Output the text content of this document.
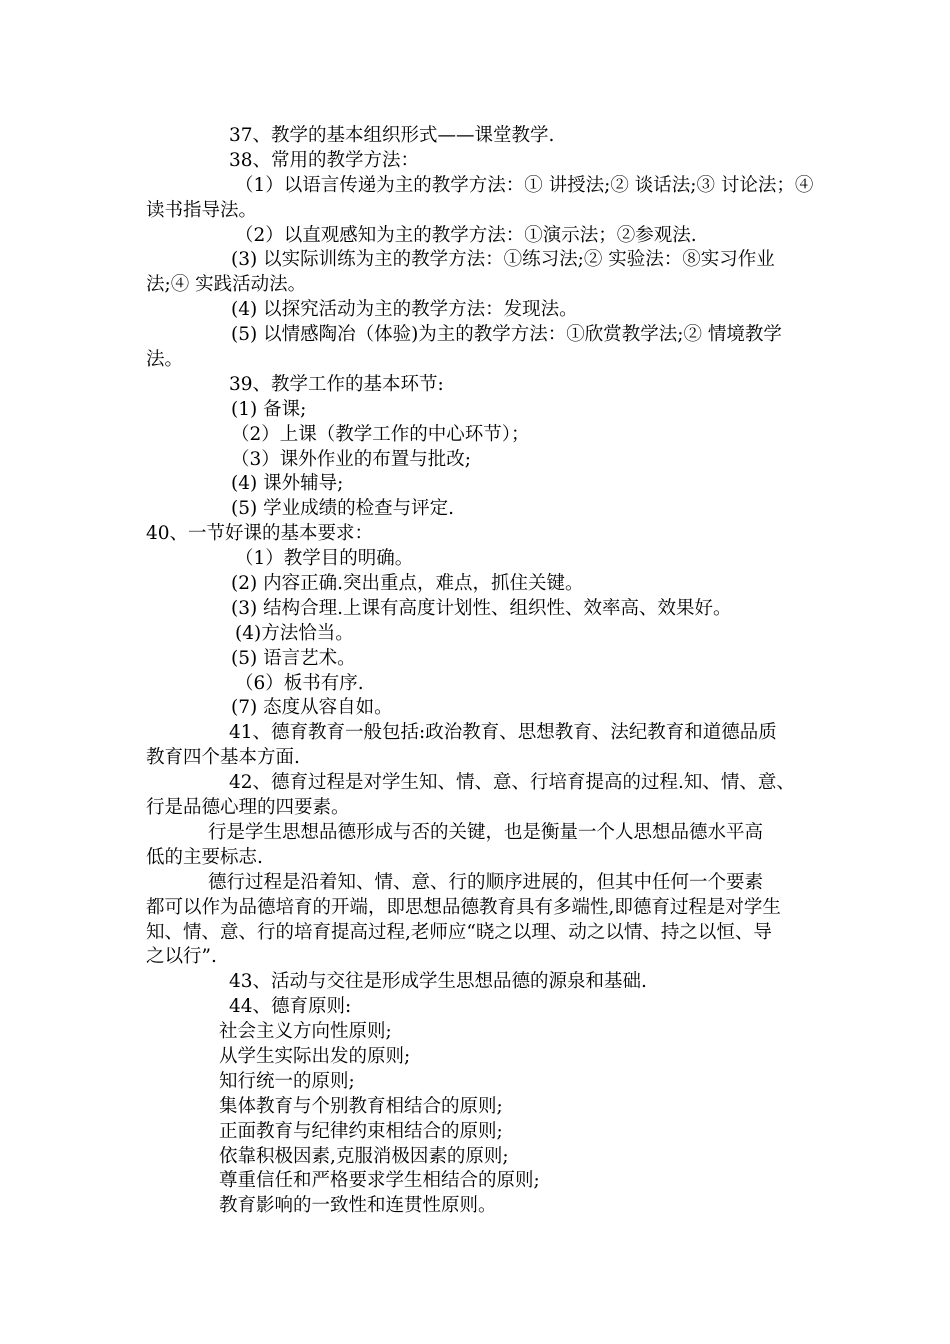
37、教学的基本组织形式——课堂教学.
38、常用的教学方法：
（1）以语言传递为主的教学方法：① 讲授法;② 谈话法;③ 讨论法；④
读书指导法。
（2）以直观感知为主的教学方法：①演示法；②参观法.
(3) 以实际训练为主的教学方法：①练习法;② 实验法：⑧实习作业
法;④ 实践活动法。
(4) 以探究活动为主的教学方法：发现法。
(5) 以情感陶冶（体验)为主的教学方法：①欣赏教学法;② 情境教学
法。
39、教学工作的基本环节:
(1) 备课;
（2）上课（教学工作的中心环节）；
（3）课外作业的布置与批改;
(4) 课外辅导;
(5) 学业成绩的检查与评定.
40、一节好课的基本要求：
（1）教学目的明确。
(2) 内容正确.突出重点，难点，抓住关键。
(3) 结构合理.上课有高度计划性、组织性、效率高、效果好。
(4)方法恰当。
(5) 语言艺术。
（6）板书有序.
(7) 态度从容自如。
41、德育教育一般包括:政治教育、思想教育、法纪教育和道德品质
教育四个基本方面.
42、德育过程是对学生知、情、意、行培育提高的过程.知、情、意、
行是品德心理的四要素。
行是学生思想品德形成与否的关键，也是衡量一个人思想品德水平高
低的主要标志.
德行过程是沿着知、情、意、行的顺序进展的，但其中任何一个要素
都可以作为品德培育的开端，即思想品德教育具有多端性,即德育过程是对学生
知、情、意、行的培育提高过程,老师应“晓之以理、动之以情、持之以恒、导
之以行”.
43、活动与交往是形成学生思想品德的源泉和基础.
44、德育原则:
社会主义方向性原则;
从学生实际出发的原则;
知行统一的原则;
集体教育与个别教育相结合的原则;
正面教育与纪律约束相结合的原则;
依靠积极因素,克服消极因素的原则;
尊重信任和严格要求学生相结合的原则;
教育影响的一致性和连贯性原则。
